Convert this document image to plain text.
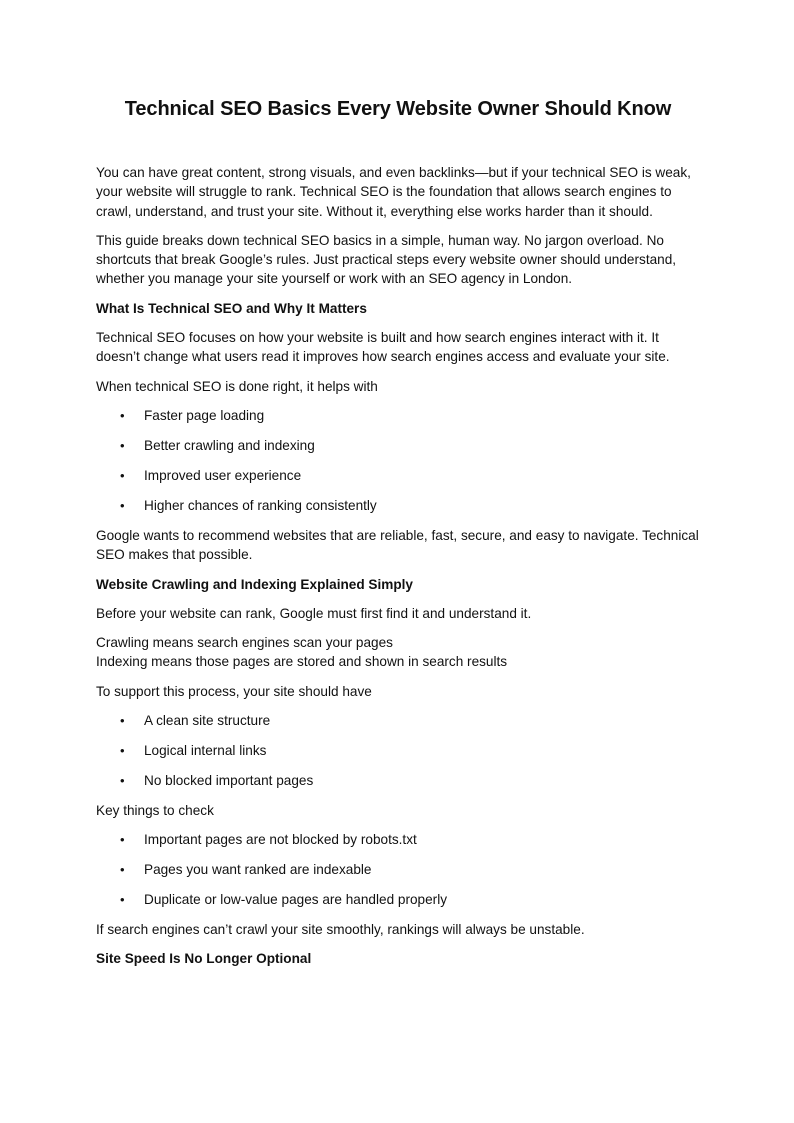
Technical SEO Basics Every Website Owner Should Know

You can have great content, strong visuals, and even backlinks—but if your technical SEO is weak, your website will struggle to rank. Technical SEO is the foundation that allows search engines to crawl, understand, and trust your site. Without it, everything else works harder than it should.

This guide breaks down technical SEO basics in a simple, human way. No jargon overload. No shortcuts that break Google’s rules. Just practical steps every website owner should understand, whether you manage your site yourself or work with an SEO agency in London.

What Is Technical SEO and Why It Matters

Technical SEO focuses on how your website is built and how search engines interact with it. It doesn’t change what users read it improves how search engines access and evaluate your site.

When technical SEO is done right, it helps with

• Faster page loading
• Better crawling and indexing
• Improved user experience
• Higher chances of ranking consistently

Google wants to recommend websites that are reliable, fast, secure, and easy to navigate. Technical SEO makes that possible.

Website Crawling and Indexing Explained Simply

Before your website can rank, Google must first find it and understand it.

Crawling means search engines scan your pages
Indexing means those pages are stored and shown in search results

To support this process, your site should have

• A clean site structure
• Logical internal links
• No blocked important pages

Key things to check

• Important pages are not blocked by robots.txt
• Pages you want ranked are indexable
• Duplicate or low-value pages are handled properly

If search engines can’t crawl your site smoothly, rankings will always be unstable.

Site Speed Is No Longer Optional
